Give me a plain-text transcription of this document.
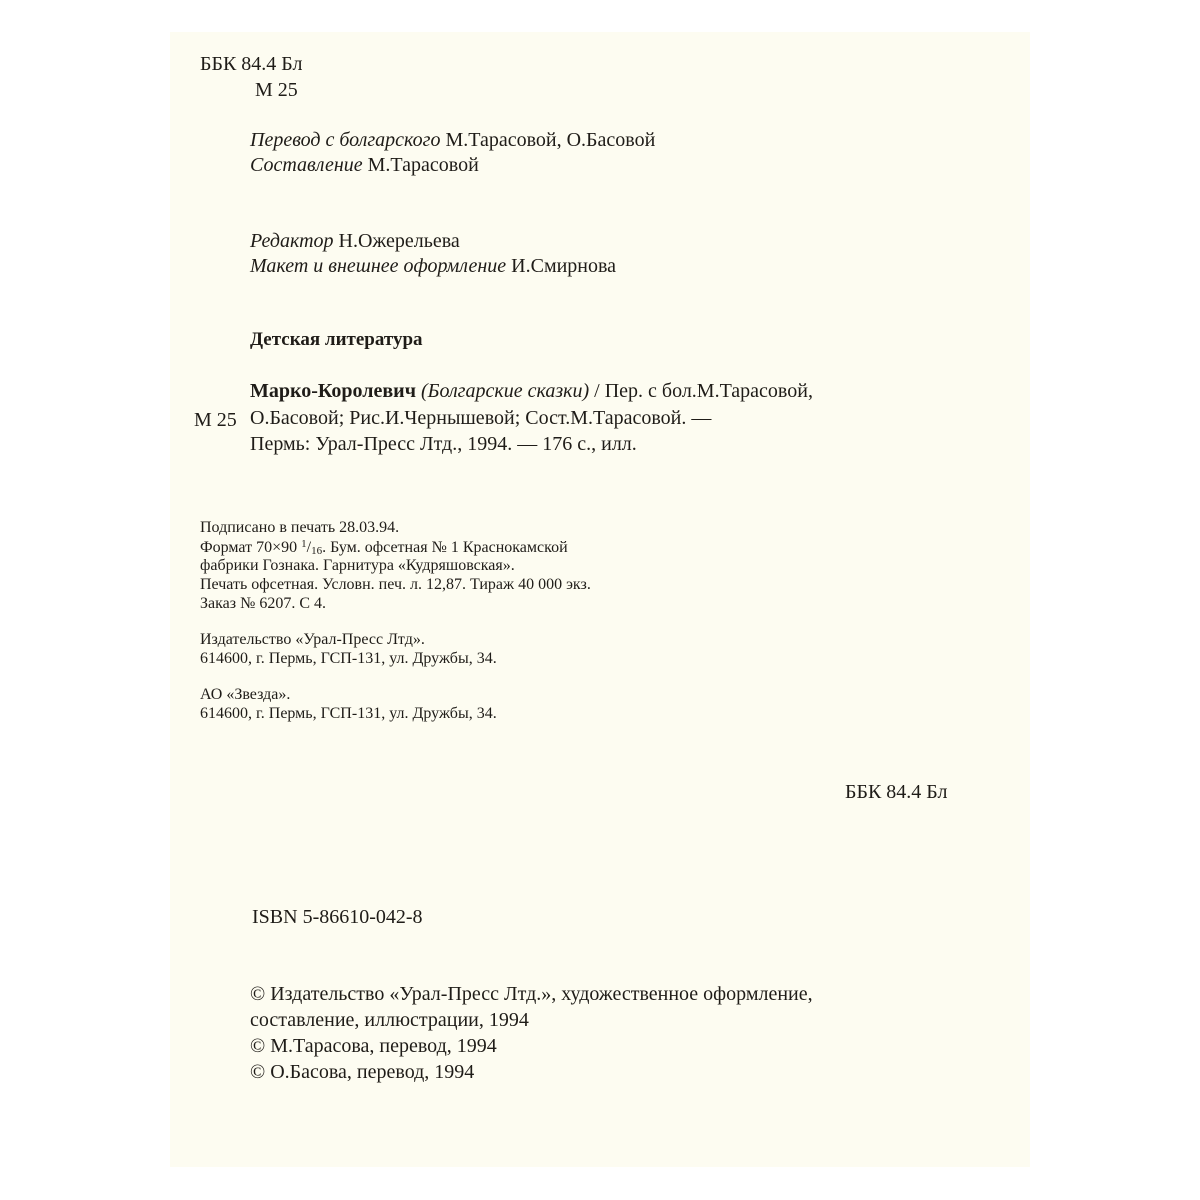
ББК 84.4 Бл
М 25
Перевод с болгарского М.Тарасовой, О.Басовой
Составление М.Тарасовой
Редактор Н.Ожерельева
Макет и внешнее оформление И.Смирнова
Детская литература
Марко-Королевич (Болгарские сказки) / Пер. с бол.М.Тарасовой,
М 25 О.Басовой; Рис.И.Чернышевой; Сост.М.Тарасовой. —
Пермь: Урал-Пресс Лтд., 1994. — 176 с., илл.
Подписано в печать 28.03.94.
Формат 70×90 $^1$/16. Бум. офсетная № 1 Краснокамской
фабрики Гознака. Гарнитура «Кудряшовская».
Печать офсетная. Условн. печ. л. 12,87. Тираж 40 000 экз.
Заказ № 6207. С 4.
Издательство «Урал-Пресс Лтд».
614600, г. Пермь, ГСП-131, ул. Дружбы, 34.
АО «Звезда».
614600, г. Пермь, ГСП-131, ул. Дружбы, 34.
ББК 84.4 Бл
ISBN 5-86610-042-8
© Издательство «Урал-Пресс Лтд.», художественное оформление,
составление, иллюстрации, 1994
© М.Тарасова, перевод, 1994
© О.Басова, перевод, 1994
